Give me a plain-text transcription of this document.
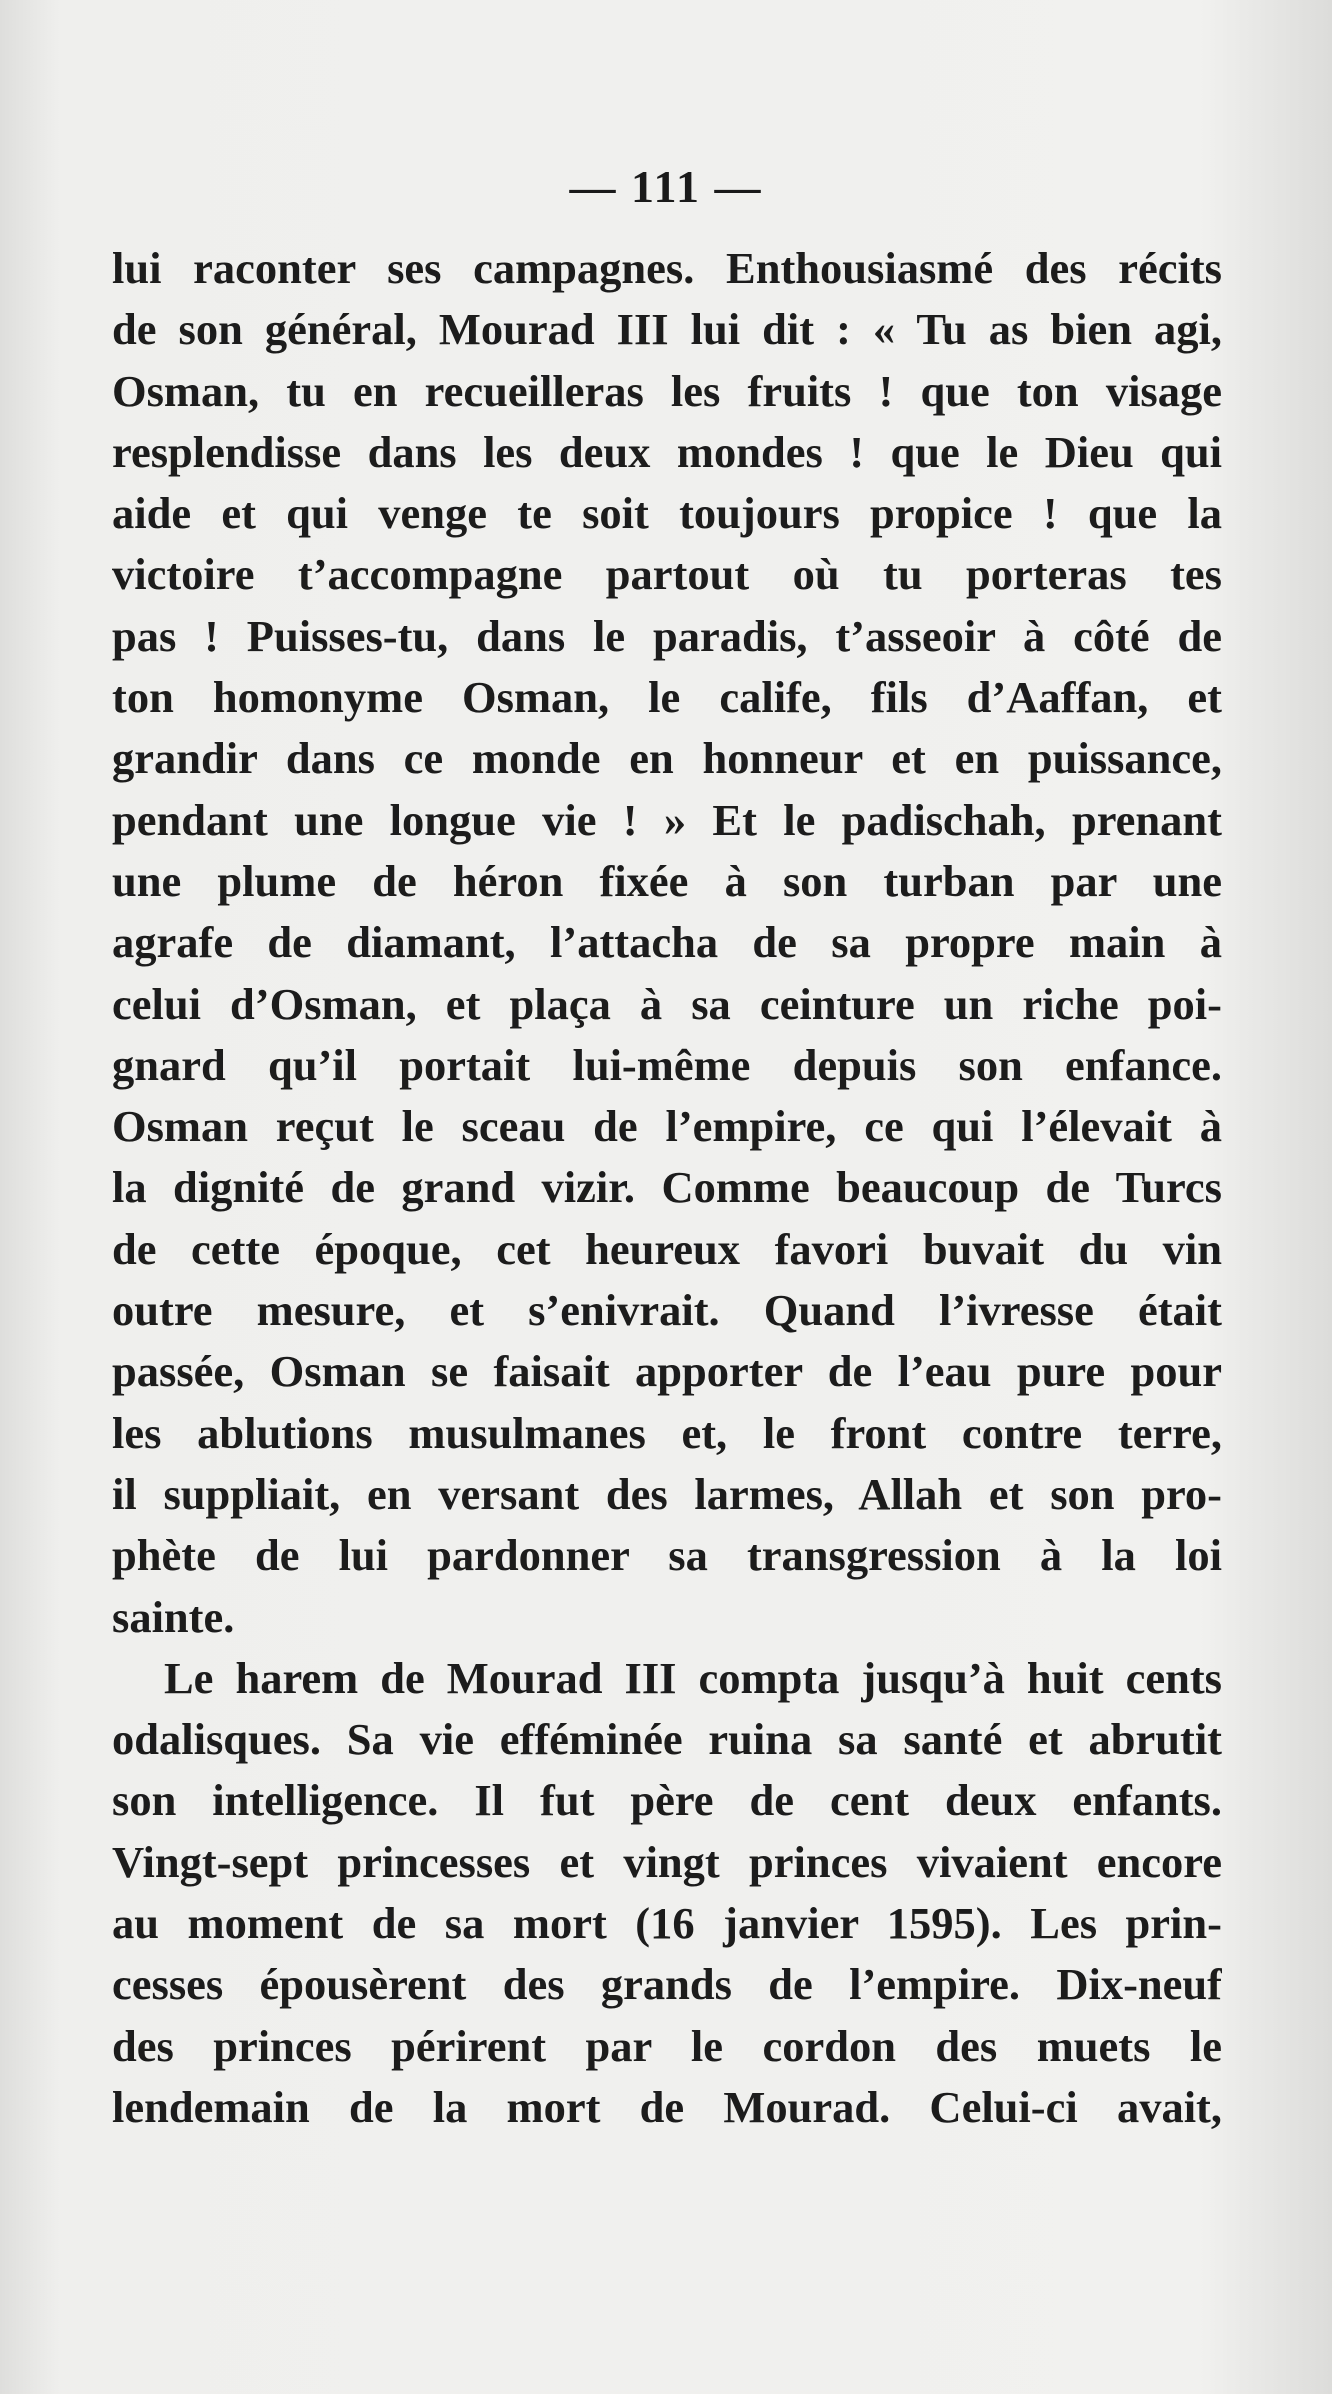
— 111 —
lui raconter ses campagnes. Enthousiasmé des récits
de son général, Mourad III lui dit : « Tu as bien agi,
Osman, tu en recueilleras les fruits ! que ton visage
resplendisse dans les deux mondes ! que le Dieu qui
aide et qui venge te soit toujours propice ! que la
victoire t’accompagne partout où tu porteras tes
pas ! Puisses-tu, dans le paradis, t’asseoir à côté de
ton homonyme Osman, le calife, fils d’Aaffan, et
grandir dans ce monde en honneur et en puissance,
pendant une longue vie ! » Et le padischah, prenant
une plume de héron fixée à son turban par une
agrafe de diamant, l’attacha de sa propre main à
celui d’Osman, et plaça à sa ceinture un riche poi-
gnard qu’il portait lui-même depuis son enfance.
Osman reçut le sceau de l’empire, ce qui l’élevait à
la dignité de grand vizir. Comme beaucoup de Turcs
de cette époque, cet heureux favori buvait du vin
outre mesure, et s’enivrait. Quand l’ivresse était
passée, Osman se faisait apporter de l’eau pure pour
les ablutions musulmanes et, le front contre terre,
il suppliait, en versant des larmes, Allah et son pro-
phète de lui pardonner sa transgression à la loi
sainte.
Le harem de Mourad III compta jusqu’à huit cents
odalisques. Sa vie efféminée ruina sa santé et abrutit
son intelligence. Il fut père de cent deux enfants.
Vingt-sept princesses et vingt princes vivaient encore
au moment de sa mort (16 janvier 1595). Les prin-
cesses épousèrent des grands de l’empire. Dix-neuf
des princes périrent par le cordon des muets le
lendemain de la mort de Mourad. Celui-ci avait,
